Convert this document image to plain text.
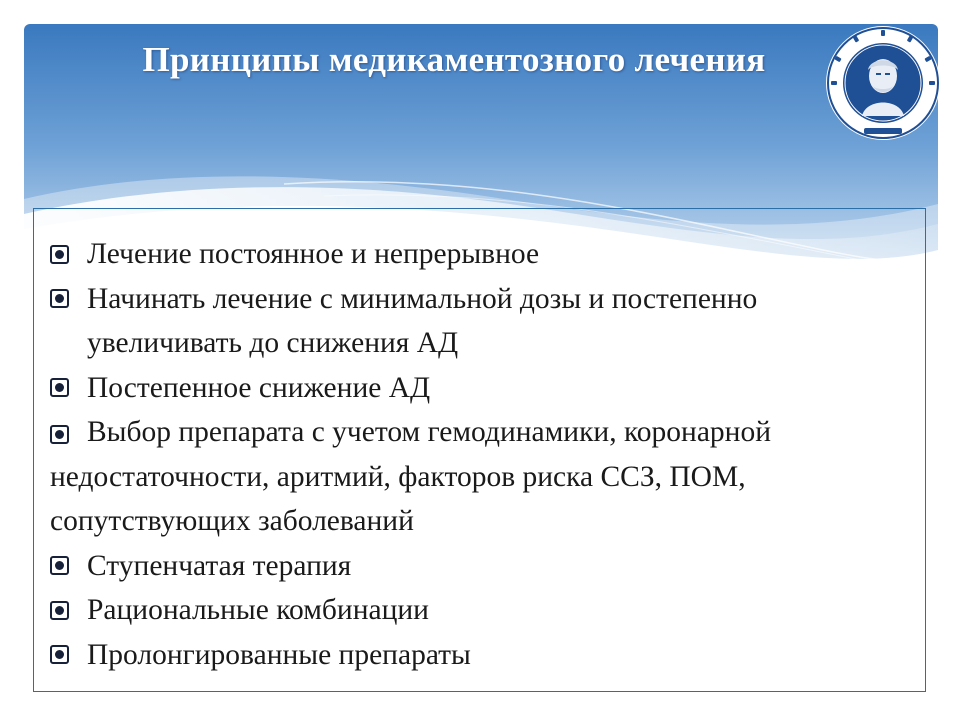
Принципы медикаментозного лечения
Лечение постоянное и непрерывное
Начинать лечение с минимальной дозы и постепенно увеличивать до снижения АД
Постепенное снижение АД
Выбор препарата с учетом гемодинамики, коронарной недостаточности, аритмий, факторов риска ССЗ, ПОМ, сопутствующих заболеваний
Ступенчатая терапия
Рациональные комбинации
Пролонгированные препараты
